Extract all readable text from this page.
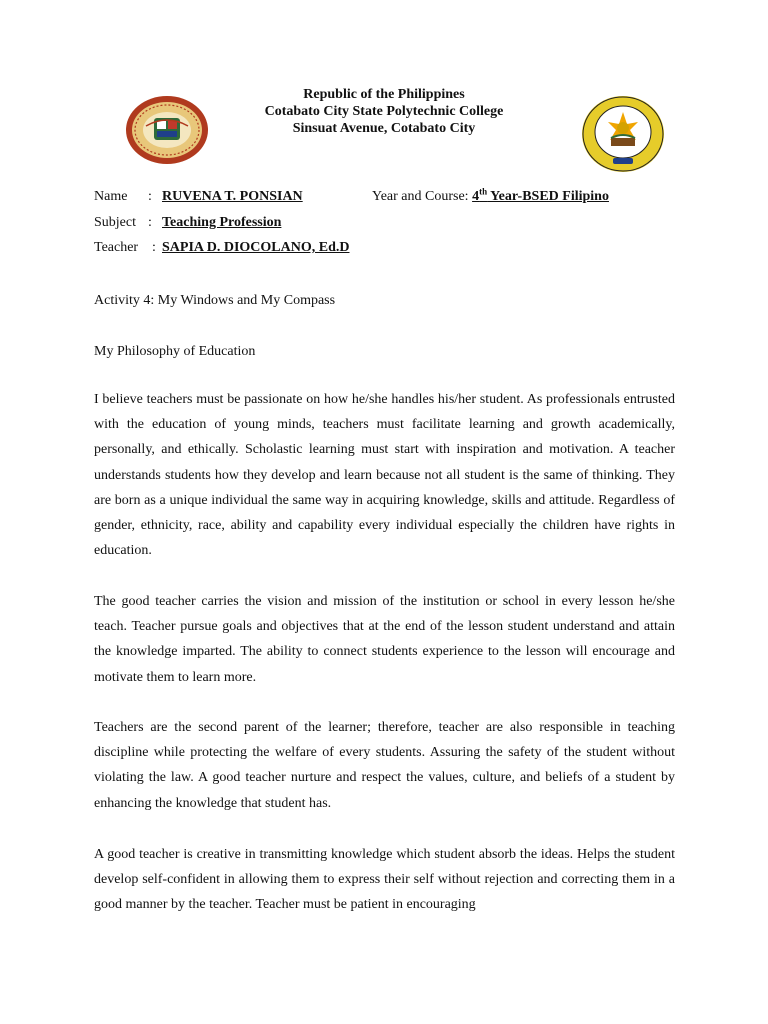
Republic of the Philippines
Cotabato City State Polytechnic College
Sinsuat Avenue, Cotabato City
Name : RUVENA T. PONSIAN	Year and Course: 4th Year-BSED Filipino
Subject : Teaching Profession
Teacher : SAPIA D. DIOCOLANO, Ed.D
Activity 4: My Windows and My Compass
My Philosophy of Education
I believe teachers must be passionate on how he/she handles his/her student. As professionals entrusted with the education of young minds, teachers must facilitate learning and growth academically, personally, and ethically. Scholastic learning must start with inspiration and motivation. A teacher understands students how they develop and learn because not all student is the same of thinking. They are born as a unique individual the same way in acquiring knowledge, skills and attitude. Regardless of gender, ethnicity, race, ability and capability every individual especially the children have rights in education.
The good teacher carries the vision and mission of the institution or school in every lesson he/she teach. Teacher pursue goals and objectives that at the end of the lesson student understand and attain the knowledge imparted. The ability to connect students experience to the lesson will encourage and motivate them to learn more.
Teachers are the second parent of the learner; therefore, teacher are also responsible in teaching discipline while protecting the welfare of every students. Assuring the safety of the student without violating the law. A good teacher nurture and respect the values, culture, and beliefs of a student by enhancing the knowledge that student has.
A good teacher is creative in transmitting knowledge which student absorb the ideas. Helps the student develop self-confident in allowing them to express their self without rejection and correcting them in a good manner by the teacher. Teacher must be patient in encouraging
